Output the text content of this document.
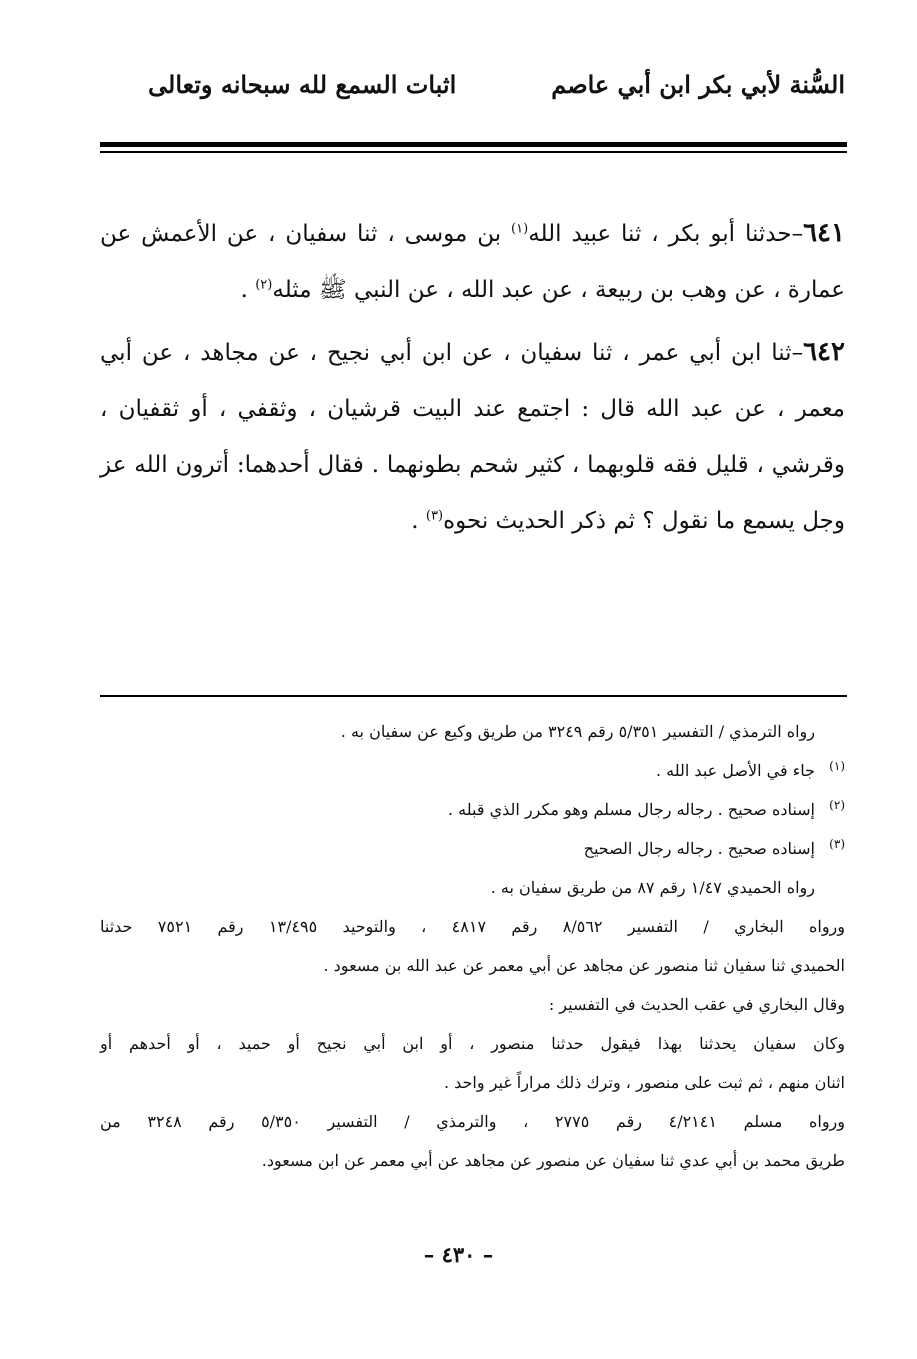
السُّنة لأبي بكر ابن أبي عاصم
اثبات السمع لله سبحانه وتعالى

٦٤١–حدثنا أبو بكر ، ثنا عبيد الله$^{(١)}$ بن موسى ، ثنا سفيان ، عن الأعمش عن عمارة ، عن وهب بن ربيعة ، عن عبد الله ، عن النبي ﷺ مثله$^{(٢)}$ .

٦٤٢–ثنا ابن أبي عمر ، ثنا سفيان ، عن ابن أبي نجيح ، عن مجاهد ، عن أبي معمر ، عن عبد الله قال : اجتمع عند البيت قرشيان ، وثقفي ، أو ثقفيان ، وقرشي ، قليل فقه قلوبهما ، كثير شحم بطونهما . فقال أحدهما: أترون الله عز وجل يسمع ما نقول ؟ ثم ذكر الحديث نحوه$^{(٣)}$ .

رواه الترمذي / التفسير ٥/٣٥١ رقم ٣٢٤٩ من طريق وكيع عن سفيان به .

(١)
جاء في الأصل عبد الله .

(٢)
إسناده صحيح . رجاله رجال مسلم وهو مكرر الذي قبله .

(٣)
إسناده صحيح . رجاله رجال الصحيح

رواه الحميدي ١/٤٧ رقم ٨٧ من طريق سفيان به .

ورواه البخاري / التفسير ٨/٥٦٢ رقم ٤٨١٧ ، والتوحيد ١٣/٤٩٥ رقم ٧٥٢١ حدثنا

الحميدي ثنا سفيان ثنا منصور عن مجاهد عن أبي معمر عن عبد الله بن مسعود .

وقال البخاري في عقب الحديث في التفسير :

وكان سفيان يحدثنا بهذا فيقول حدثنا منصور ، أو ابن أبي نجيح أو حميد ، أو أحدهم أو

اثنان منهم ، ثم ثبت على منصور ، وترك ذلك مراراً غير واحد .

ورواه مسلم ٤/٢١٤١ رقم ٢٧٧٥ ، والترمذي / التفسير ٥/٣٥٠ رقم ٣٢٤٨ من

طريق محمد بن أبي عدي ثنا سفيان عن منصور عن مجاهد عن أبي معمر عن ابن مسعود.

– ٤٣٠ –
